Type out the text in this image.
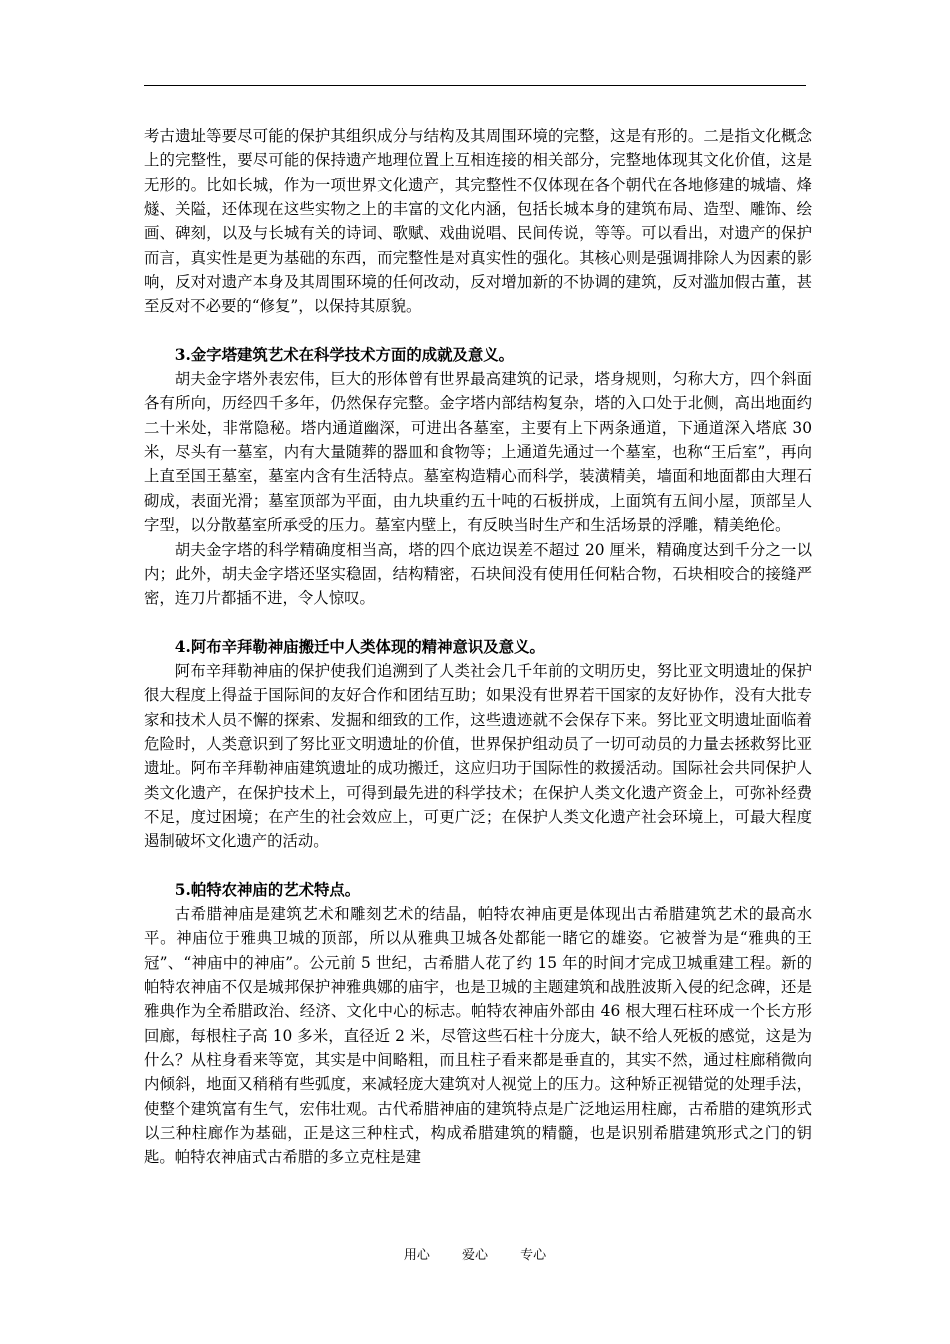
考古遗址等要尽可能的保护其组织成分与结构及其周围环境的完整，这是有形的。二是指文化概念上的完整性，要尽可能的保持遗产地理位置上互相连接的相关部分，完整地体现其文化价值，这是无形的。比如长城，作为一项世界文化遗产，其完整性不仅体现在各个朝代在各地修建的城墙、烽燧、关隘，还体现在这些实物之上的丰富的文化内涵，包括长城本身的建筑布局、造型、雕饰、绘画、碑刻，以及与长城有关的诗词、歌赋、戏曲说唱、民间传说，等等。可以看出，对遗产的保护而言，真实性是更为基础的东西，而完整性是对真实性的强化。其核心则是强调排除人为因素的影响，反对对遗产本身及其周围环境的任何改动，反对增加新的不协调的建筑，反对滥加假古董，甚至反对不必要的“修复”，以保持其原貌。

3.金字塔建筑艺术在科学技术方面的成就及意义。

胡夫金字塔外表宏伟，巨大的形体曾有世界最高建筑的记录，塔身规则，匀称大方，四个斜面各有所向，历经四千多年，仍然保存完整。金字塔内部结构复杂，塔的入口处于北侧，高出地面约二十米处，非常隐秘。塔内通道幽深，可进出各墓室，主要有上下两条通道，下通道深入塔底 30 米，尽头有一墓室，内有大量随葬的器皿和食物等；上通道先通过一个墓室，也称“王后室”，再向上直至国王墓室，墓室内含有生活特点。墓室构造精心而科学，装潢精美，墙面和地面都由大理石砌成，表面光滑；墓室顶部为平面，由九块重约五十吨的石板拼成，上面筑有五间小屋，顶部呈人字型，以分散墓室所承受的压力。墓室内壁上，有反映当时生产和生活场景的浮雕，精美绝伦。

胡夫金字塔的科学精确度相当高，塔的四个底边误差不超过 20 厘米，精确度达到千分之一以内；此外，胡夫金字塔还坚实稳固，结构精密，石块间没有使用任何粘合物，石块相咬合的接缝严密，连刀片都插不进，令人惊叹。

4.阿布辛拜勒神庙搬迁中人类体现的精神意识及意义。

阿布辛拜勒神庙的保护使我们追溯到了人类社会几千年前的文明历史，努比亚文明遗址的保护很大程度上得益于国际间的友好合作和团结互助；如果没有世界若干国家的友好协作，没有大批专家和技术人员不懈的探索、发掘和细致的工作，这些遗迹就不会保存下来。努比亚文明遗址面临着危险时，人类意识到了努比亚文明遗址的价值，世界保护组动员了一切可动员的力量去拯救努比亚遗址。阿布辛拜勒神庙建筑遗址的成功搬迁，这应归功于国际性的救援活动。国际社会共同保护人类文化遗产，在保护技术上，可得到最先进的科学技术；在保护人类文化遗产资金上，可弥补经费不足，度过困境；在产生的社会效应上，可更广泛；在保护人类文化遗产社会环境上，可最大程度遏制破坏文化遗产的活动。

5.帕特农神庙的艺术特点。

古希腊神庙是建筑艺术和雕刻艺术的结晶，帕特农神庙更是体现出古希腊建筑艺术的最高水平。神庙位于雅典卫城的顶部，所以从雅典卫城各处都能一睹它的雄姿。它被誉为是“雅典的王冠”、“神庙中的神庙”。公元前 5 世纪，古希腊人花了约 15 年的时间才完成卫城重建工程。新的帕特农神庙不仅是城邦保护神雅典娜的庙宇，也是卫城的主题建筑和战胜波斯入侵的纪念碑，还是雅典作为全希腊政治、经济、文化中心的标志。帕特农神庙外部由 46 根大理石柱环成一个长方形回廊，每根柱子高 10 多米，直径近 2 米，尽管这些石柱十分庞大，缺不给人死板的感觉，这是为什么？从柱身看来等宽，其实是中间略粗，而且柱子看来都是垂直的，其实不然，通过柱廊稍微向内倾斜，地面又稍稍有些弧度，来减轻庞大建筑对人视觉上的压力。这种矫正视错觉的处理手法，使整个建筑富有生气，宏伟壮观。古代希腊神庙的建筑特点是广泛地运用柱廊，古希腊的建筑形式以三种柱廊作为基础，正是这三种柱式，构成希腊建筑的精髓，也是识别希腊建筑形式之门的钥匙。帕特农神庙式古希腊的多立克柱是建

用心 爱心 专心
